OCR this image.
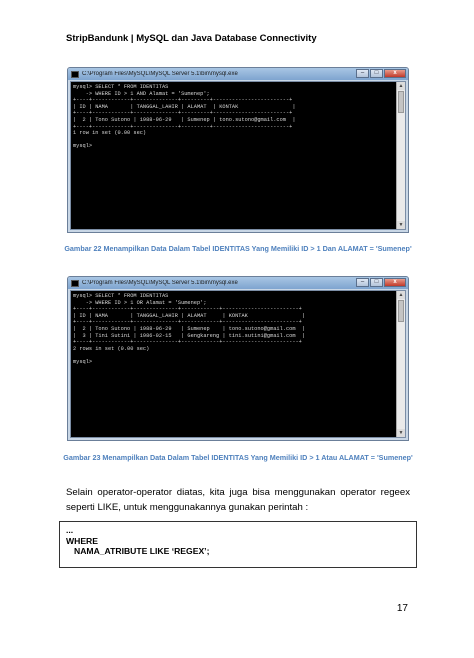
StripBandunk | MySQL dan Java Database Connectivity
C:\Program Files\MySQL\MySQL Server 5.1\bin\mysql.exe	–	□	x
mysql> SELECT * FROM IDENTITAS
-> WHERE ID > 1 AND Alamat = 'Sumenep';
+----+------------+--------------+---------+------------------------+
| ID | NAMA       | TANGGAL_LAHIR | ALAMAT  | KONTAK                 |
+----+------------+--------------+---------+------------------------+
|  2 | Tono Sutono | 1988-06-29   | Sumenep | tono.sutono@gmail.com  |
+----+------------+--------------+---------+------------------------+
1 row in set (0.00 sec)

mysql>
▲
▼
Gambar 22 Menampilkan Data Dalam Tabel IDENTITAS Yang Memiliki ID > 1 Dan ALAMAT = 'Sumenep'
C:\Program Files\MySQL\MySQL Server 5.1\bin\mysql.exe	–	□	x
mysql> SELECT * FROM IDENTITAS
-> WHERE ID > 1 OR Alamat = 'Sumenep';
+----+------------+--------------+------------+------------------------+
| ID | NAMA       | TANGGAL_LAHIR | ALAMAT     | KONTAK                 |
+----+------------+--------------+------------+------------------------+
|  2 | Tono Sutono | 1988-06-29   | Sumenep    | tono.sutono@gmail.com  |
|  3 | Tini Sutini | 1986-02-15   | Gengkareng | tini.sutini@gmail.com  |
+----+------------+--------------+------------+------------------------+
2 rows in set (0.00 sec)

mysql>
▲
▼
Gambar 23 Menampilkan Data Dalam Tabel IDENTITAS Yang Memiliki ID > 1 Atau ALAMAT = 'Sumenep'

Selain operator-operator diatas, kita juga bisa menggunakan operator regeex seperti LIKE, untuk menggunakannya gunakan perintah :

...
WHERE
NAMA_ATRIBUTE LIKE ‘REGEX’;
17
